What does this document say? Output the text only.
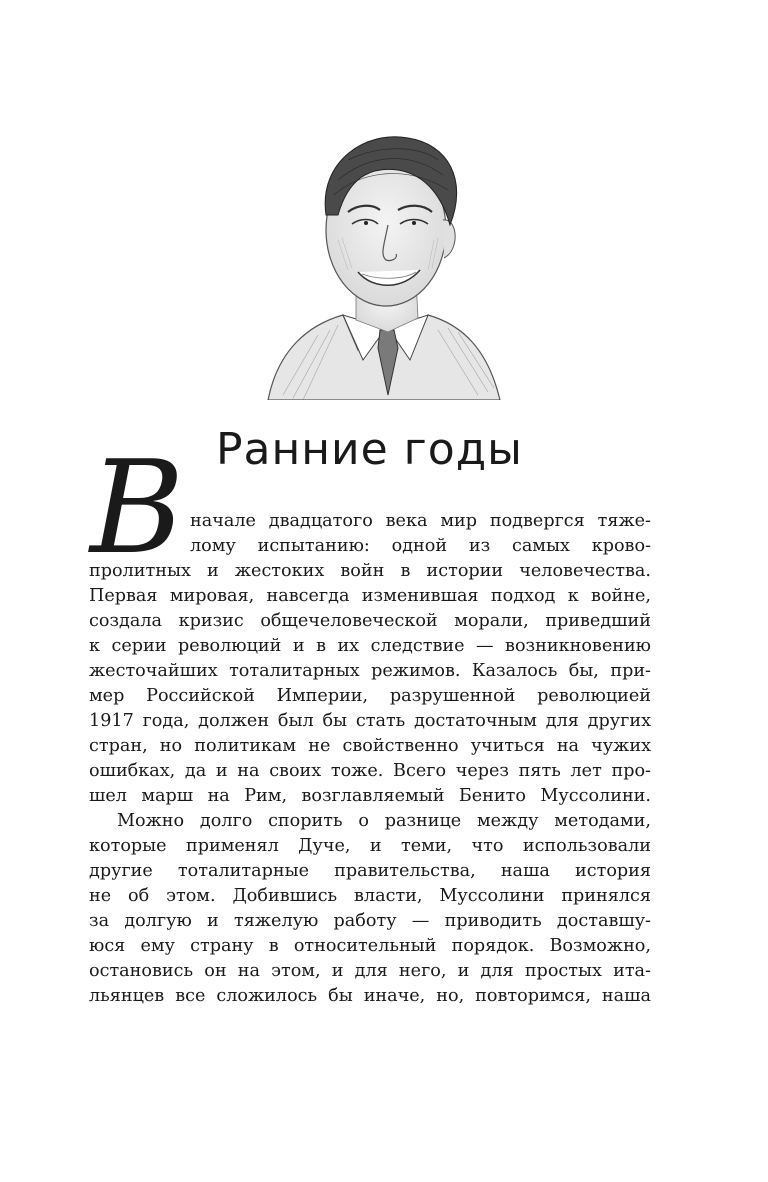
Ранние годы
В начале двадцатого века мир подвергся тяже-
лому испытанию: одной из самых крово-
пролитных и жестоких войн в истории человечества.
Первая мировая, навсегда изменившая подход к войне,
создала кризис общечеловеческой морали, приведший
к серии революций и в их следствие — возникновению
жесточайших тоталитарных режимов. Казалось бы, при-
мер Российской Империи, разрушенной революцией
1917 года, должен был бы стать достаточным для других
стран, но политикам не свойственно учиться на чужих
ошибках, да и на своих тоже. Всего через пять лет про-
шел марш на Рим, возглавляемый Бенито Муссолини.
Можно долго спорить о разнице между методами,
которые применял Дуче, и теми, что использовали
другие тоталитарные правительства, наша история
не об этом. Добившись власти, Муссолини принялся
за долгую и тяжелую работу — приводить доставшу-
юся ему страну в относительный порядок. Возможно,
остановись он на этом, и для него, и для простых ита-
льянцев все сложилось бы иначе, но, повторимся, наша
